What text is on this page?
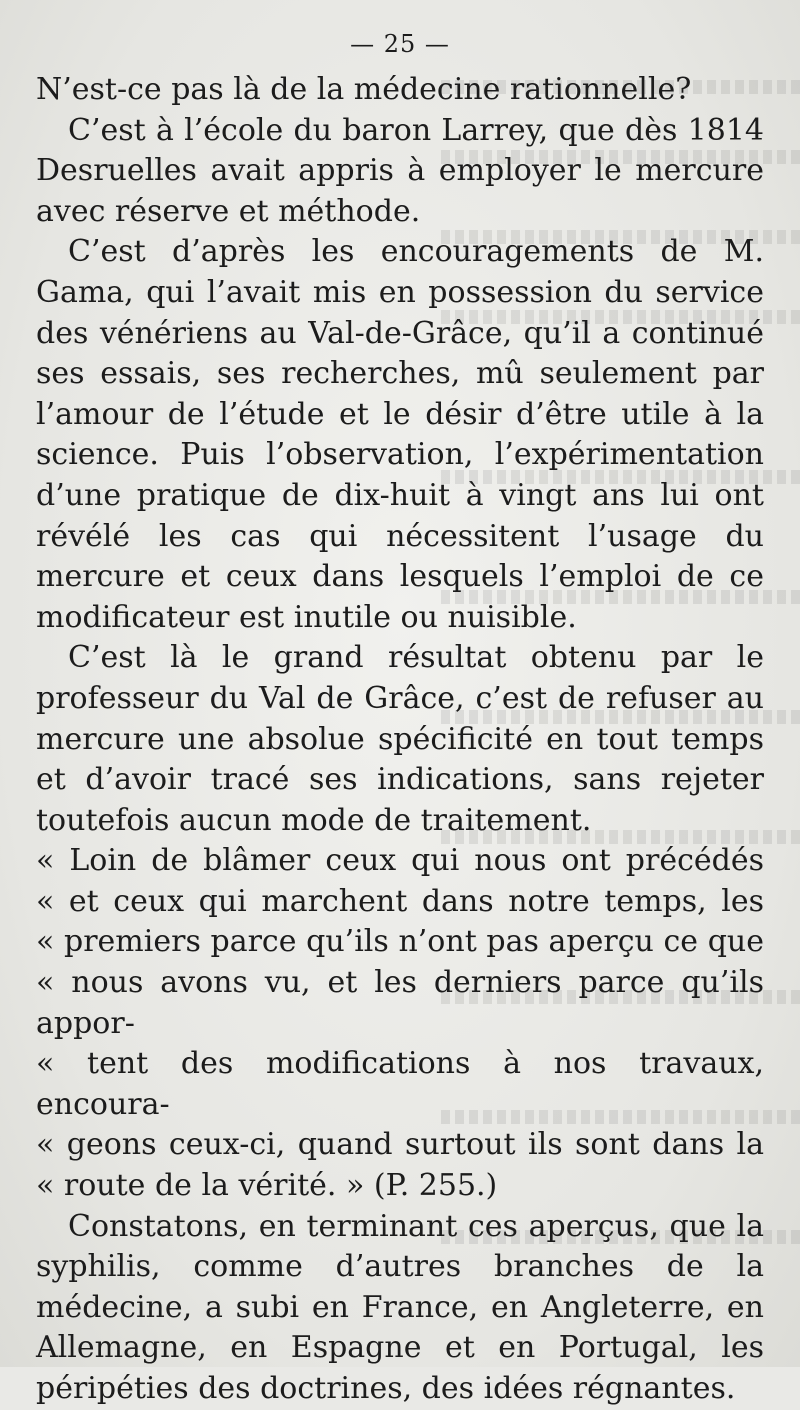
— 25 —

N’est-ce pas là de la médecine rationnelle?

C’est à l’école du baron Larrey, que dès 1814 Desruelles avait appris à employer le mercure avec réserve et méthode.

C’est d’après les encouragements de M. Gama, qui l’avait mis en possession du service des vénériens au Val-de-Grâce, qu’il a continué ses essais, ses recherches, mû seulement par l’amour de l’étude et le désir d’être utile à la science. Puis l’observation, l’expérimentation d’une pratique de dix-huit à vingt ans lui ont révélé les cas qui nécessitent l’usage du mercure et ceux dans lesquels l’emploi de ce modificateur est inutile ou nuisible.

C’est là le grand résultat obtenu par le professeur du Val de Grâce, c’est de refuser au mercure une absolue spécificité en tout temps et d’avoir tracé ses indications, sans rejeter toutefois aucun mode de traitement.

« Loin de blâmer ceux qui nous ont précédés
« et ceux qui marchent dans notre temps, les
« premiers parce qu’ils n’ont pas aperçu ce que
« nous avons vu, et les derniers parce qu’ils appor-
« tent des modifications à nos travaux, encoura-
« geons ceux-ci, quand surtout ils sont dans la
« route de la vérité. » (P. 255.)

Constatons, en terminant ces aperçus, que la syphilis, comme d’autres branches de la médecine, a subi en France, en Angleterre, en Allemagne, en Espagne et en Portugal, les péripéties des doctrines, des idées régnantes.
